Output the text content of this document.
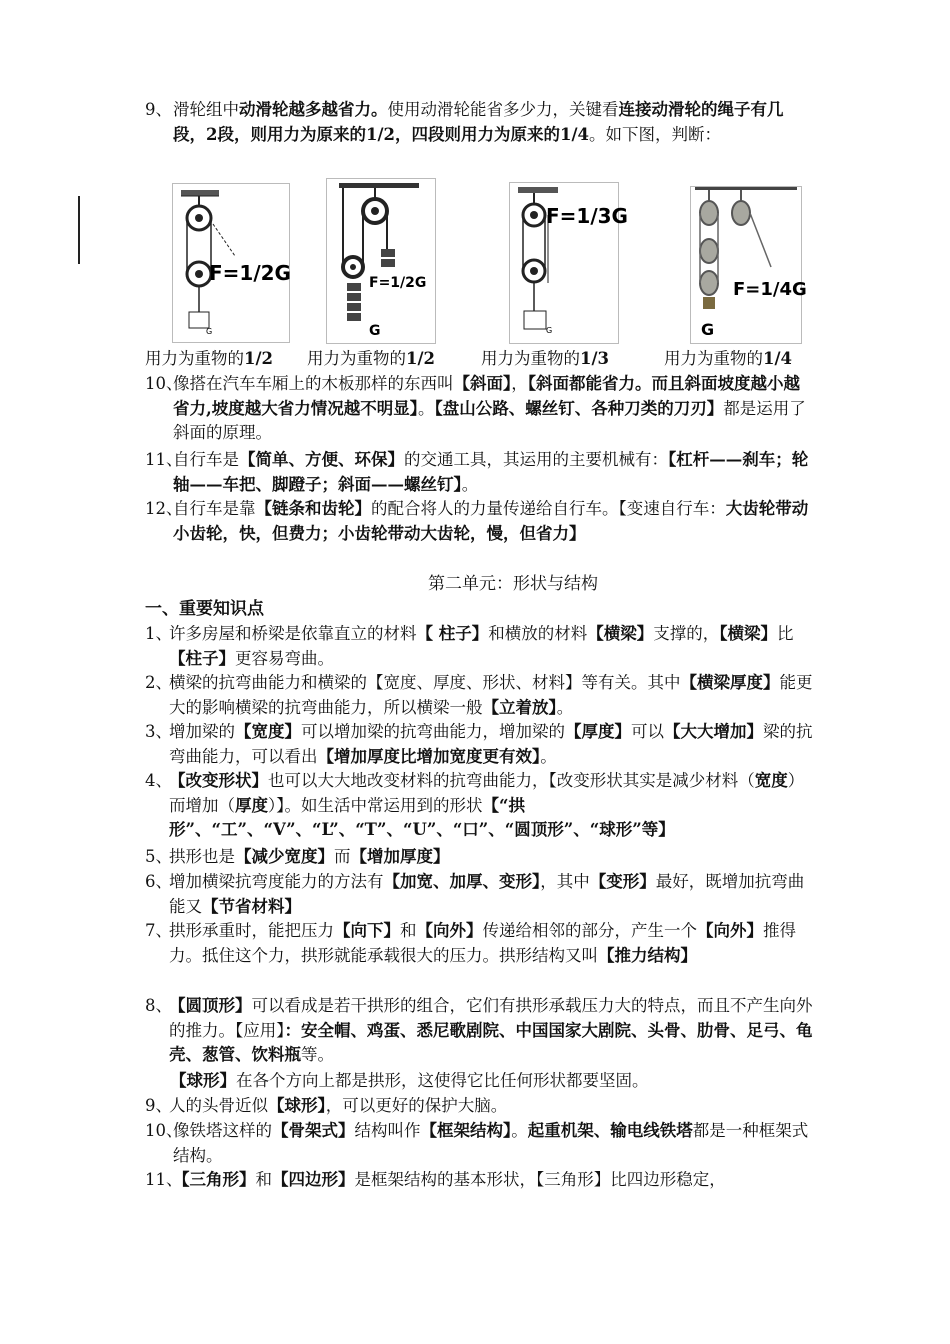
9、 滑轮组中动滑轮越多越省力。使用动滑轮能省多少力，关键看连接动滑轮的绳子有几段，2段，则用力为原来的1/2，四段则用力为原来的1/4。如下图，判断：
F=1/2G
G
F=1/2G
G
F=1/3G
G
F=1/4G
G
用力为重物的1/2 用力为重物的1/2	用力为重物的1/3	用力为重物的1/4
10、
像搭在汽车车厢上的木板那样的东西叫【斜面】，【斜面都能省力。而且斜面坡度越小越省力,坡度越大省力情况越不明显】。【盘山公路、螺丝钉、各种刀类的刀刃】都是运用了斜面的原理。
11、
自行车是【简单、方便、环保】的交通工具，其运用的主要机械有：【杠杆——刹车；轮轴——车把、脚蹬子；斜面——螺丝钉】。
12、
自行车是靠【链条和齿轮】的配合将人的力量传递给自行车。【变速自行车：大齿轮带动小齿轮，快，但费力；小齿轮带动大齿轮，慢，但省力】
第二单元：形状与结构
一、重要知识点
1、
许多房屋和桥梁是依靠直立的材料【 柱子】和横放的材料【横梁】支撑的，【横梁】比【柱子】更容易弯曲。
2、
横梁的抗弯曲能力和横梁的【宽度、厚度、形状、材料】等有关。其中【横梁厚度】能更大的影响横梁的抗弯曲能力，所以横梁一般【立着放】。
3、
增加梁的【宽度】可以增加梁的抗弯曲能力，增加梁的【厚度】可以【大大增加】梁的抗弯曲能力，可以看出【增加厚度比增加宽度更有效】。
4、
【改变形状】也可以大大地改变材料的抗弯曲能力，【改变形状其实是减少材料（宽度）而增加（厚度）】。如生活中常运用到的形状【“拱形”、“工”、“V”、“L”、“T”、“U”、“口”、“圆顶形”、“球形”等】
5、
拱形也是【减少宽度】而【增加厚度】
6、
增加横梁抗弯度能力的方法有【加宽、加厚、变形】，其中【变形】最好，既增加抗弯曲能又【节省材料】
7、
拱形承重时，能把压力【向下】和【向外】传递给相邻的部分，产生一个【向外】推得力。抵住这个力，拱形就能承载很大的压力。拱形结构又叫【推力结构】
8、
【圆顶形】可以看成是若干拱形的组合，它们有拱形承载压力大的特点，而且不产生向外的推力。【应用】：安全帽、鸡蛋、悉尼歌剧院、中国国家大剧院、头骨、肋骨、足弓、龟壳、葱管、饮料瓶等。
【球形】在各个方向上都是拱形，这使得它比任何形状都要坚固。
9、
人的头骨近似【球形】，可以更好的保护大脑。
10、
像铁塔这样的【骨架式】结构叫作【框架结构】。起重机架、输电线铁塔都是一种框架式结构。
11、
【三角形】和【四边形】是框架结构的基本形状，【三角形】比四边形稳定，
